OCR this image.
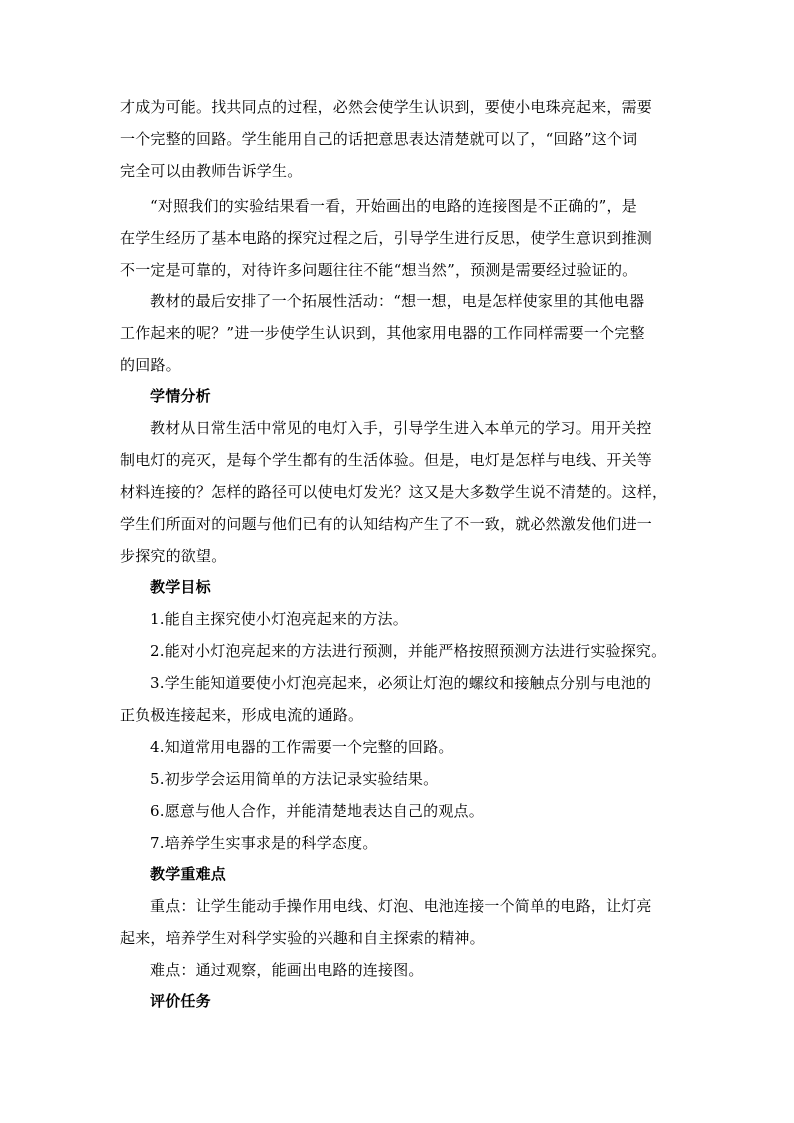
才成为可能。找共同点的过程，必然会使学生认识到，要使小电珠亮起来，需要
一个完整的回路。学生能用自己的话把意思表达清楚就可以了，“回路”这个词
完全可以由教师告诉学生。
“对照我们的实验结果看一看，开始画出的电路的连接图是不正确的”，是
在学生经历了基本电路的探究过程之后，引导学生进行反思，使学生意识到推测
不一定是可靠的，对待许多问题往往不能“想当然”，预测是需要经过验证的。
教材的最后安排了一个拓展性活动：“想一想，电是怎样使家里的其他电器
工作起来的呢？”进一步使学生认识到，其他家用电器的工作同样需要一个完整
的回路。
学情分析
教材从日常生活中常见的电灯入手，引导学生进入本单元的学习。用开关控
制电灯的亮灭，是每个学生都有的生活体验。但是，电灯是怎样与电线、开关等
材料连接的？怎样的路径可以使电灯发光？这又是大多数学生说不清楚的。这样，
学生们所面对的问题与他们已有的认知结构产生了不一致，就必然激发他们进一
步探究的欲望。
教学目标
1.能自主探究使小灯泡亮起来的方法。
2.能对小灯泡亮起来的方法进行预测，并能严格按照预测方法进行实验探究。
3.学生能知道要使小灯泡亮起来，必须让灯泡的螺纹和接触点分别与电池的
正负极连接起来，形成电流的通路。
4.知道常用电器的工作需要一个完整的回路。
5.初步学会运用简单的方法记录实验结果。
6.愿意与他人合作，并能清楚地表达自己的观点。
7.培养学生实事求是的科学态度。
教学重难点
重点：让学生能动手操作用电线、灯泡、电池连接一个简单的电路，让灯亮
起来，培养学生对科学实验的兴趣和自主探索的精神。
难点：通过观察，能画出电路的连接图。
评价任务
